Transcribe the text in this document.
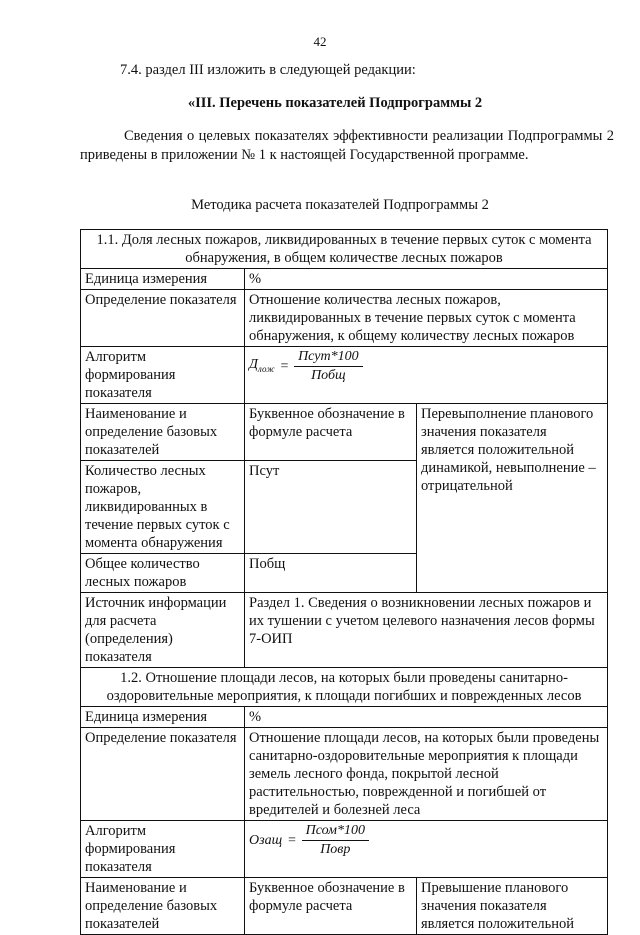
42
7.4. раздел III изложить в следующей редакции:
«III. Перечень показателей Подпрограммы 2
Сведения о целевых показателях эффективности реализации Подпрограммы 2 приведены в приложении № 1 к настоящей Государственной программе.
Методика расчета показателей Подпрограммы 2
1.1. Доля лесных пожаров, ликвидированных в течение первых суток с момента обнаружения, в общем количестве лесных пожаров		
Единица измерения	%	
Определение показателя	Отношение количества лесных пожаров, ликвидированных в течение первых суток с момента обнаружения, к общему количеству лесных пожаров	
Алгоритм формирования показателя	$Д_{лож} = \frac{\text{Псут*100}}{\text{Побщ}}$

Наименование и определение базовых показателей	Буквенное обозначение в формуле расчета	Перевыполнение планового значения показателя является положительной динамикой, невыполнение – отрицательной
Количество лесных пожаров, ликвидированных в течение первых суток с момента обнаружения	Псут	
Общее количество лесных пожаров	Побщ	
Источник информации для расчета (определения) показателя	Раздел 1. Сведения о возникновении лесных пожаров и их тушении с учетом целевого назначения лесов формы 7-ОИП	
1.2. Отношение площади лесов, на которых были проведены санитарно-оздоровительные мероприятия, к площади погибших и поврежденных лесов		
Единица измерения	%	
Определение показателя	Отношение площади лесов, на которых были проведены санитарно-оздоровительные мероприятия к площади земель лесного фонда, покрытой лесной растительностью, поврежденной и погибшей от вредителей и болезней леса	
Алгоритм формирования показателя	Озащ = $\frac{\text{Псом*100}}{\text{Повр}}$

Наименование и определение базовых показателей	Буквенное обозначение в формуле расчета	Превышение планового значения показателя является положительной
